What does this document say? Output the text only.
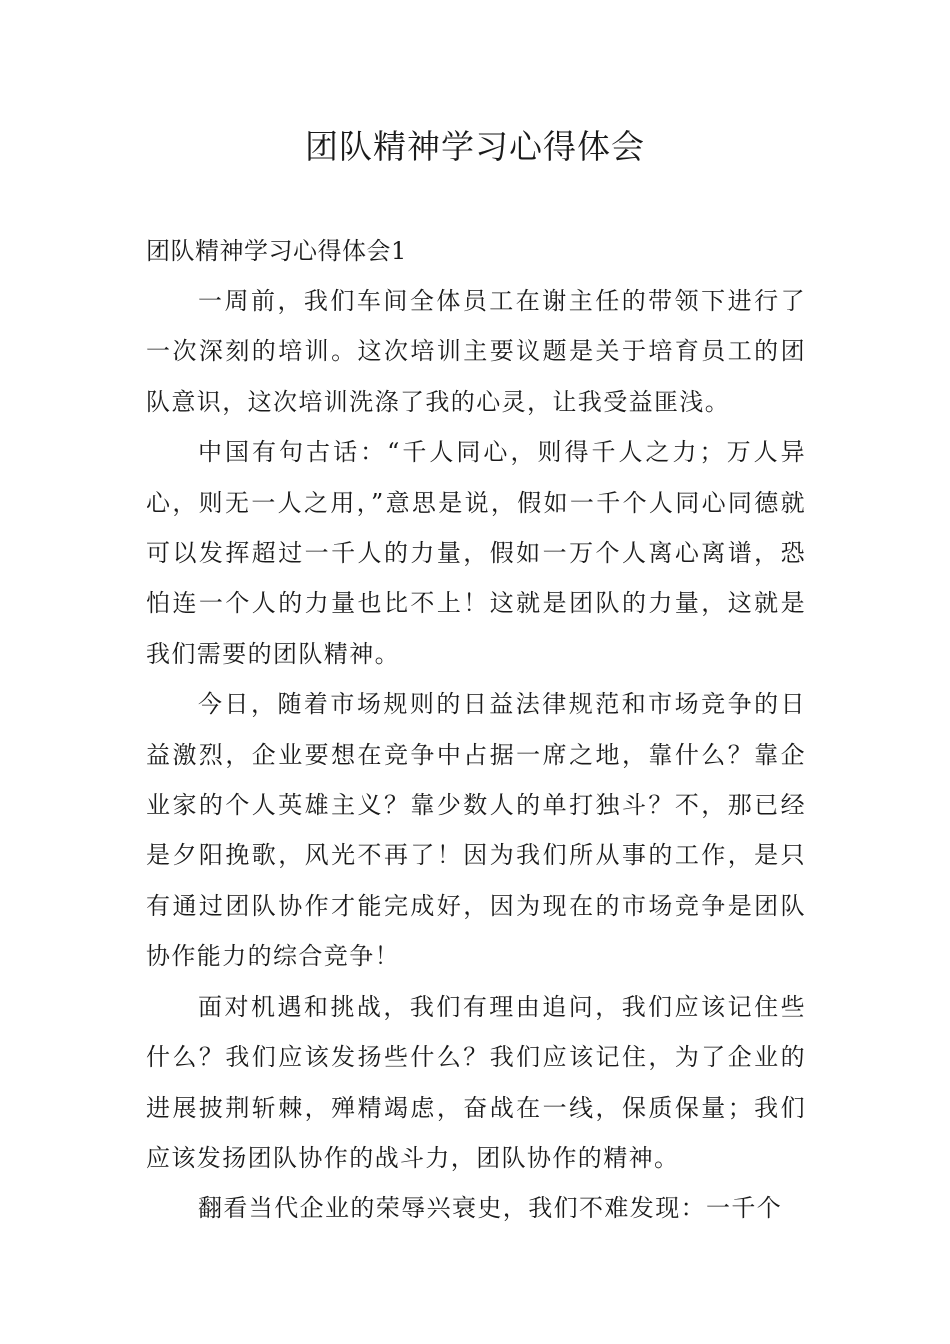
团队精神学习心得体会

团队精神学习心得体会1

一周前，我们车间全体员工在谢主任的带领下进行了一次深刻的培训。这次培训主要议题是关于培育员工的团队意识，这次培训洗涤了我的心灵，让我受益匪浅。

中国有句古话：“千人同心，则得千人之力；万人异心，则无一人之用，”意思是说，假如一千个人同心同德就可以发挥超过一千人的力量，假如一万个人离心离谱，恐怕连一个人的力量也比不上！这就是团队的力量，这就是我们需要的团队精神。

今日，随着市场规则的日益法律规范和市场竞争的日益激烈，企业要想在竞争中占据一席之地，靠什么？靠企业家的个人英雄主义？靠少数人的单打独斗？不，那已经是夕阳挽歌，风光不再了！因为我们所从事的工作，是只有通过团队协作才能完成好，因为现在的市场竞争是团队协作能力的综合竞争！

面对机遇和挑战，我们有理由追问，我们应该记住些什么？我们应该发扬些什么？我们应该记住，为了企业的进展披荆斩棘，殚精竭虑，奋战在一线，保质保量；我们应该发扬团队协作的战斗力，团队协作的精神。

翻看当代企业的荣辱兴衰史，我们不难发现：一千个
